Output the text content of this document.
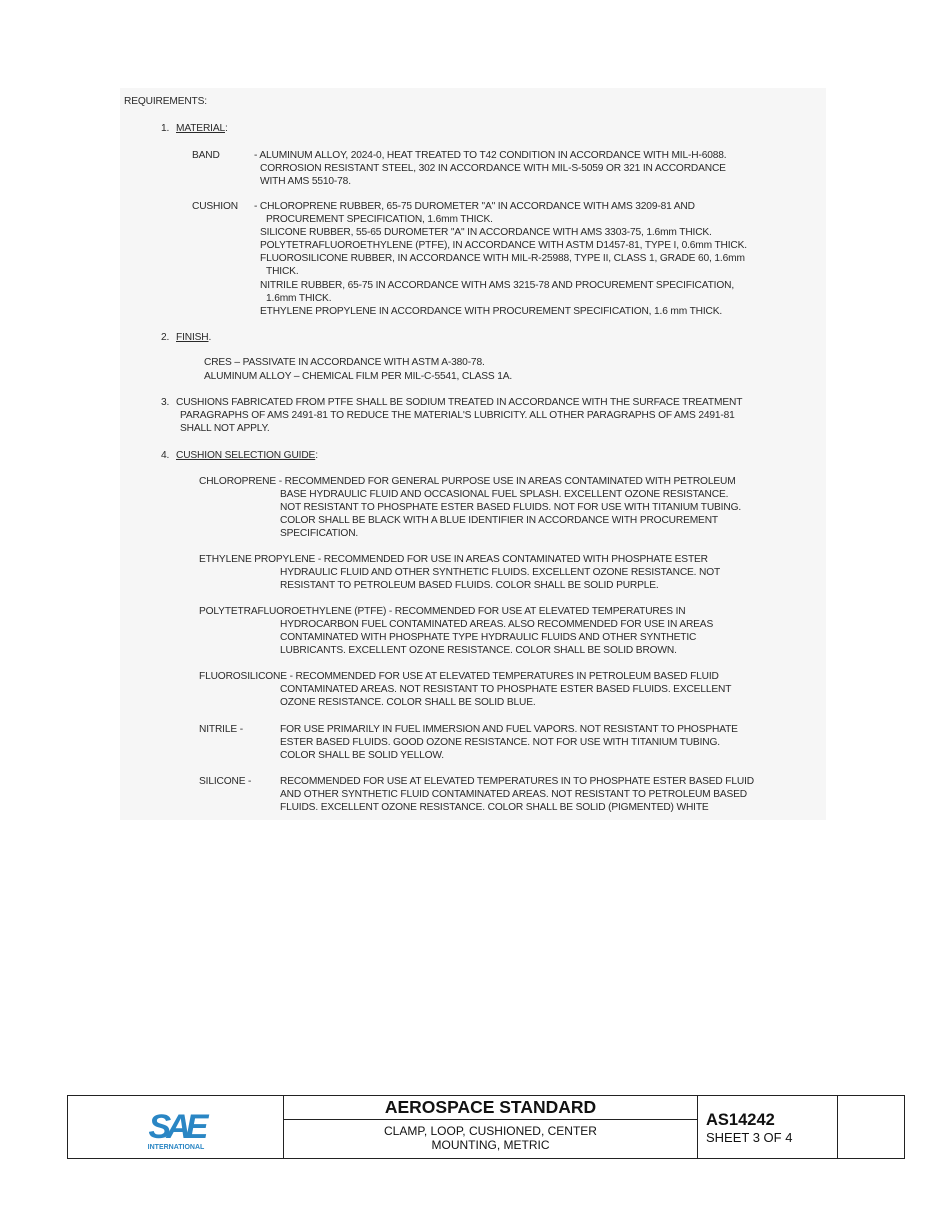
REQUIREMENTS:
1. MATERIAL:
BAND	- ALUMINUM ALLOY, 2024-0, HEAT TREATED TO T42 CONDITION IN ACCORDANCE WITH MIL-H-6088.
CORROSION RESISTANT STEEL, 302 IN ACCORDANCE WITH MIL-S-5059 OR 321 IN ACCORDANCE
WITH AMS 5510-78.
CUSHION - CHLOROPRENE RUBBER, 65-75 DUROMETER "A" IN ACCORDANCE WITH AMS 3209-81 AND
PROCUREMENT SPECIFICATION, 1.6mm THICK.
SILICONE RUBBER, 55-65 DUROMETER "A" IN ACCORDANCE WITH AMS 3303-75, 1.6mm THICK.
POLYTETRAFLUOROETHYLENE (PTFE), IN ACCORDANCE WITH ASTM D1457-81, TYPE I, 0.6mm THICK.
FLUOROSILICONE RUBBER, IN ACCORDANCE WITH MIL-R-25988, TYPE II, CLASS 1, GRADE 60, 1.6mm
THICK.
NITRILE RUBBER, 65-75 IN ACCORDANCE WITH AMS 3215-78 AND PROCUREMENT SPECIFICATION,
1.6mm THICK.
ETHYLENE PROPYLENE IN ACCORDANCE WITH PROCUREMENT SPECIFICATION, 1.6 mm THICK.
2. FINISH.
CRES – PASSIVATE IN ACCORDANCE WITH ASTM A-380-78.
ALUMINUM ALLOY – CHEMICAL FILM PER MIL-C-5541, CLASS 1A.
3. CUSHIONS FABRICATED FROM PTFE SHALL BE SODIUM TREATED IN ACCORDANCE WITH THE SURFACE TREATMENT
PARAGRAPHS OF AMS 2491-81 TO REDUCE THE MATERIAL'S LUBRICITY. ALL OTHER PARAGRAPHS OF AMS 2491-81
SHALL NOT APPLY.
4. CUSHION SELECTION GUIDE:
CHLOROPRENE - RECOMMENDED FOR GENERAL PURPOSE USE IN AREAS CONTAMINATED WITH PETROLEUM
BASE HYDRAULIC FLUID AND OCCASIONAL FUEL SPLASH. EXCELLENT OZONE RESISTANCE.
NOT RESISTANT TO PHOSPHATE ESTER BASED FLUIDS. NOT FOR USE WITH TITANIUM TUBING.
COLOR SHALL BE BLACK WITH A BLUE IDENTIFIER IN ACCORDANCE WITH PROCUREMENT
SPECIFICATION.
ETHYLENE PROPYLENE - RECOMMENDED FOR USE IN AREAS CONTAMINATED WITH PHOSPHATE ESTER
HYDRAULIC FLUID AND OTHER SYNTHETIC FLUIDS. EXCELLENT OZONE RESISTANCE. NOT
RESISTANT TO PETROLEUM BASED FLUIDS. COLOR SHALL BE SOLID PURPLE.
POLYTETRAFLUOROETHYLENE (PTFE) - RECOMMENDED FOR USE AT ELEVATED TEMPERATURES IN
HYDROCARBON FUEL CONTAMINATED AREAS. ALSO RECOMMENDED FOR USE IN AREAS
CONTAMINATED WITH PHOSPHATE TYPE HYDRAULIC FLUIDS AND OTHER SYNTHETIC
LUBRICANTS. EXCELLENT OZONE RESISTANCE. COLOR SHALL BE SOLID BROWN.
FLUOROSILICONE - RECOMMENDED FOR USE AT ELEVATED TEMPERATURES IN PETROLEUM BASED FLUID
CONTAMINATED AREAS. NOT RESISTANT TO PHOSPHATE ESTER BASED FLUIDS. EXCELLENT
OZONE RESISTANCE. COLOR SHALL BE SOLID BLUE.
NITRILE -	FOR USE PRIMARILY IN FUEL IMMERSION AND FUEL VAPORS. NOT RESISTANT TO PHOSPHATE
ESTER BASED FLUIDS. GOOD OZONE RESISTANCE. NOT FOR USE WITH TITANIUM TUBING.
COLOR SHALL BE SOLID YELLOW.
SILICONE -	RECOMMENDED FOR USE AT ELEVATED TEMPERATURES IN TO PHOSPHATE ESTER BASED FLUID
AND OTHER SYNTHETIC FLUID CONTAMINATED AREAS. NOT RESISTANT TO PETROLEUM BASED
FLUIDS. EXCELLENT OZONE RESISTANCE. COLOR SHALL BE SOLID (PIGMENTED) WHITE
SAE
INTERNATIONAL
AEROSPACE STANDARD
CLAMP, LOOP, CUSHIONED, CENTER
MOUNTING, METRIC
AS14242
SHEET 3 OF 4
